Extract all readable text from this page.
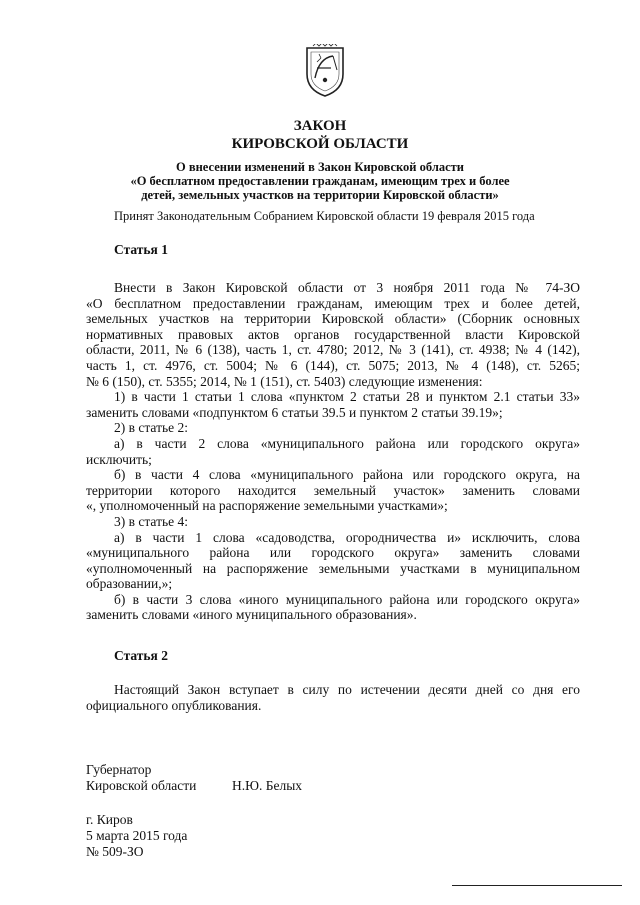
ЗАКОН
КИРОВСКОЙ ОБЛАСТИ
О внесении изменений в Закон Кировской области
«О бесплатном предоставлении гражданам, имеющим трех и более
детей, земельных участков на территории Кировской области»
Принят Законодательным Собранием Кировской области 19 февраля 2015 года
Статья 1
Внести в Закон Кировской области от 3 ноября 2011 года № 74-ЗО
«О бесплатном предоставлении гражданам, имеющим трех и более детей,
земельных участков на территории Кировской области» (Сборник основных
нормативных правовых актов органов государственной власти Кировской
области, 2011, № 6 (138), часть 1, ст. 4780; 2012, № 3 (141), ст. 4938; № 4 (142),
часть 1, ст. 4976, ст. 5004; № 6 (144), ст. 5075; 2013, № 4 (148), ст. 5265;
№ 6 (150), ст. 5355; 2014, № 1 (151), ст. 5403) следующие изменения:
1) в части 1 статьи 1 слова «пунктом 2 статьи 28 и пунктом 2.1 статьи 33»
заменить словами «подпунктом 6 статьи 39.5 и пунктом 2 статьи 39.19»;
2) в статье 2:
а) в части 2 слова «муниципального района или городского округа»
исключить;
б) в части 4 слова «муниципального района или городского округа, на
территории которого находится земельный участок» заменить словами
«, уполномоченный на распоряжение земельными участками»;
3) в статье 4:
а) в части 1 слова «садоводства, огородничества и» исключить, слова
«муниципального района или городского округа» заменить словами
«уполномоченный на распоряжение земельными участками в муниципальном
образовании,»;
б) в части 3 слова «иного муниципального района или городского округа»
заменить словами «иного муниципального образования».
Статья 2
Настоящий Закон вступает в силу по истечении десяти дней со дня его
официального опубликования.
Губернатор
Кировской области	Н.Ю. Белых
г. Киров
5 марта 2015 года
№ 509-ЗО
